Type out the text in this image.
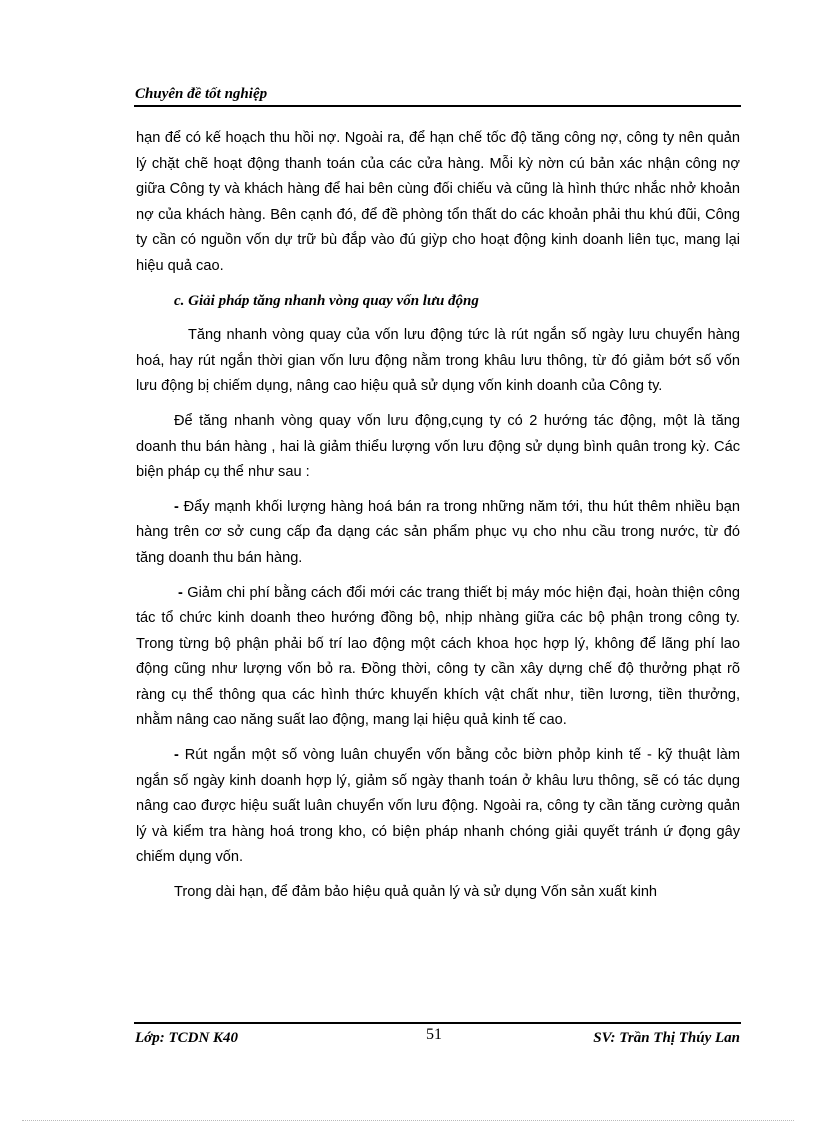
Chuyên đề tốt nghiệp

hạn để có kế hoạch thu hồi nợ. Ngoài ra, để hạn chế tốc độ tăng công nợ, công ty nên quản lý chặt chẽ hoạt động thanh toán của các cửa hàng. Mỗi kỳ nờn cú bản xác nhận công nợ giữa Công ty và khách hàng để hai bên cùng đối chiếu và cũng là hình thức nhắc nhở khoản nợ của khách hàng. Bên cạnh đó, để đề phòng tổn thất do các khoản phải thu khú đũi, Công ty cần có nguồn vốn dự trữ bù đắp vào đú giỳp cho hoạt động kinh doanh liên tục, mang lại hiệu quả cao.

c. Giải pháp tăng nhanh vòng quay vốn lưu động

Tăng nhanh vòng quay của vốn lưu động tức là rút ngắn số ngày lưu chuyển hàng hoá, hay rút ngắn thời gian vốn lưu động nằm trong khâu lưu thông, từ đó giảm bớt số vốn lưu động bị chiếm dụng, nâng cao hiệu quả sử dụng vốn kinh doanh của Công ty.

Để tăng nhanh vòng quay vốn lưu động,cụng ty có 2 hướng tác động, một là tăng doanh thu bán hàng , hai là giảm thiểu lượng vốn lưu động sử dụng bình quân trong kỳ. Các biện pháp cụ thể như sau :

- Đẩy mạnh khối lượng hàng hoá bán ra trong những năm tới, thu hút thêm nhiều bạn hàng trên cơ sở cung cấp đa dạng các sản phẩm phục vụ cho nhu cầu trong nước, từ đó tăng doanh thu bán hàng.

- Giảm chi phí bằng cách đổi mới các trang thiết bị máy móc hiện đại, hoàn thiện công tác tổ chức kinh doanh theo hướng đồng bộ, nhịp nhàng giữa các bộ phận trong công ty. Trong từng bộ phận phải bố trí lao động một cách khoa học hợp lý, không để lãng phí lao động cũng như lượng vốn bỏ ra. Đồng thời, công ty cần xây dựng chế độ thưởng phạt rõ ràng cụ thể thông qua các hình thức khuyến khích vật chất như, tiền lương, tiền thưởng, nhằm nâng cao năng suất lao động, mang lại hiệu quả kinh tế cao.

- Rút ngắn một số vòng luân chuyển vốn bằng cỏc biờn phỏp kinh tế - kỹ thuật làm ngắn số ngày kinh doanh hợp lý, giảm số ngày thanh toán ở khâu lưu thông, sẽ có tác dụng nâng cao được hiệu suất luân chuyển vốn lưu động. Ngoài ra, công ty cần tăng cường quản lý và kiểm tra hàng hoá trong kho, có biện pháp nhanh chóng giải quyết tránh ứ đọng gây chiếm dụng vốn.

Trong dài hạn, để đảm bảo hiệu quả quản lý và sử dụng Vốn sản xuất kinh

Lớp: TCDN K40	51	SV: Trần Thị Thúy Lan
